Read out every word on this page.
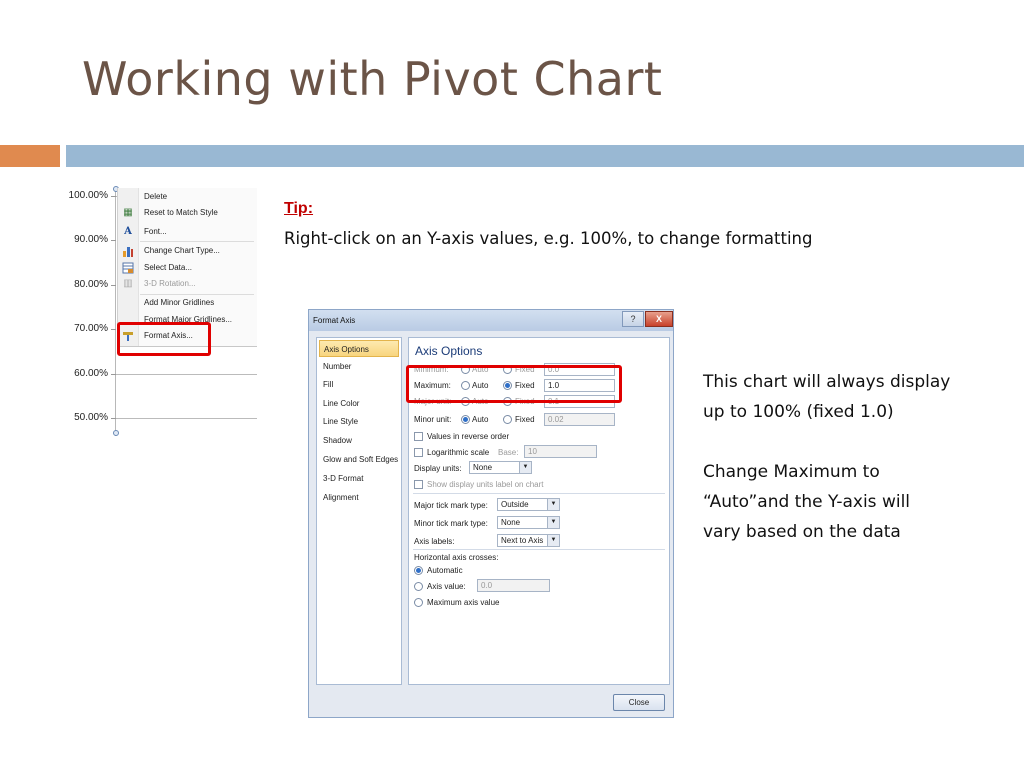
Working with Pivot Chart
100.00%
90.00%
80.00%
70.00%
60.00%
50.00%
Delete
▦ Reset to Match Style
A Font...
Change Chart Type...
Select Data...
▥ 3-D Rotation...
Add Minor Gridlines
Format Major Gridlines...
Format Axis...
Tip:
Right-click on an Y-axis values, e.g. 100%, to change formatting
Format Axis	?	X
Axis Options
Number
Fill
Line Color
Line Style
Shadow
Glow and Soft Edges
3-D Format
Alignment
Axis Options
Minimum:	Auto	Fixed	0.0
Maximum:	Auto	Fixed	1.0
Major unit:	Auto	Fixed	0.1
Minor unit:	Auto	Fixed	0.02
Values in reverse order
Logarithmic scale Base:	10
Display units:	None	▼
Show display units label on chart
Major tick mark type:	Outside	▼
Minor tick mark type:	None	▼
Axis labels:	Next to Axis	▼
Horizontal axis crosses:
Automatic
Axis value:	0.0
Maximum axis value
Close
This chart will always display
up to 100% (fixed 1.0)
Change Maximum to
“Auto”and the Y-axis will
vary based on the data
